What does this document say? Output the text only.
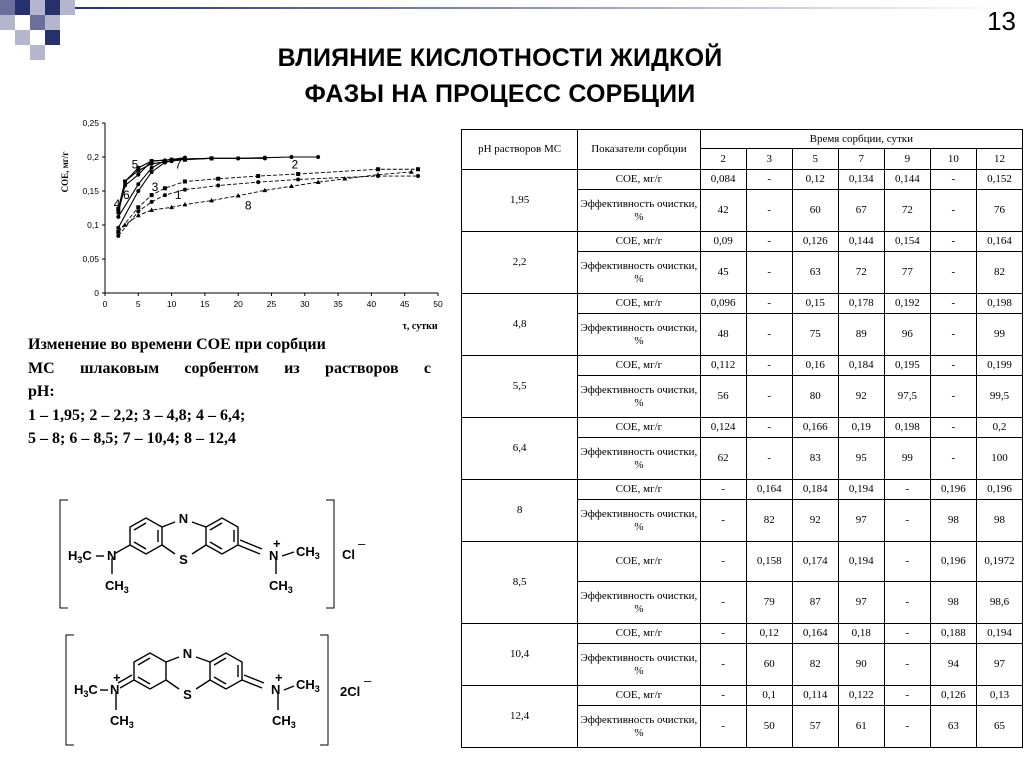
13
ВЛИЯНИЕ КИСЛОТНОСТИ ЖИДКОЙ
ФАЗЫ НА ПРОЦЕСС СОРБЦИИ
СОЕ, мг/г
τ, сутки
0	5	10	15	20	25	30	35	40	45	50
0
0,05
0,1
0,15
0,2
0,25
5	7	2
3
6	1
4	8
Изменение во времени СОЕ при сорбции
МС шлаковым сорбентом из растворов с
pH:
1 – 1,95; 2 – 2,2; 3 – 4,8; 4 – 6,4;
5 – 8; 6 – 8,5; 7 – 10,4; 8 – 12,4
N
S
$H_3C$ N
$CH_3$
+
N $CH_3$
$CH_3$
Cl
–
N
S
+
$H_3C$ N
$CH_3$
+
N $CH_3$
$CH_3$
2Cl
–
pH растворов МС	Показатели сорбции	Время сорбции, сутки						
		2	3	5	7	9	10	12
1,95	СОЕ, мг/г	0,084	-	0,12	0,134	0,144	-	0,152
	Эффективность очистки, %	42	-	60	67	72	-	76
2,2	СОЕ, мг/г	0,09	-	0,126	0,144	0,154	-	0,164
	Эффективность очистки, %	45	-	63	72	77	-	82
4,8	СОЕ, мг/г	0,096	-	0,15	0,178	0,192	-	0,198
	Эффективность очистки, %	48	-	75	89	96	-	99
5,5	СОЕ, мг/г	0,112	-	0,16	0,184	0,195	-	0,199
	Эффективность очистки, %	56	-	80	92	97,5	-	99,5
6,4	СОЕ, мг/г	0,124	-	0,166	0,19	0,198	-	0,2
	Эффективность очистки, %	62	-	83	95	99	-	100
8	СОЕ, мг/г	-	0,164	0,184	0,194	-	0,196	0,196
	Эффективность очистки, %	-	82	92	97	-	98	98
8,5	СОЕ, мг/г	-	0,158	0,174	0,194	-	0,196	0,1972
	Эффективность очистки, %	-	79	87	97	-	98	98,6
10,4	СОЕ, мг/г	-	0,12	0,164	0,18	-	0,188	0,194
	Эффективность очистки, %	-	60	82	90	-	94	97
12,4	СОЕ, мг/г	-	0,1	0,114	0,122	-	0,126	0,13
	Эффективность очистки, %	-	50	57	61	-	63	65
